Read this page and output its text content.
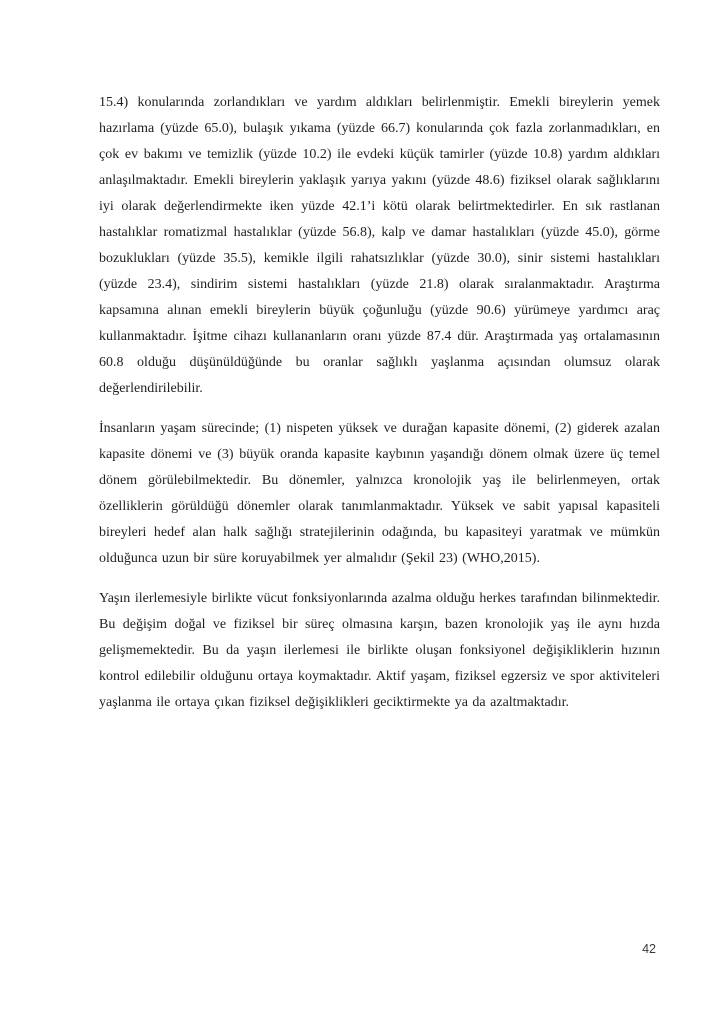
15.4) konularında zorlandıkları ve yardım aldıkları belirlenmiştir. Emekli bireylerin yemek hazırlama (yüzde 65.0), bulaşık yıkama (yüzde 66.7) konularında çok fazla zorlanmadıkları, en çok ev bakımı ve temizlik (yüzde 10.2) ile evdeki küçük tamirler (yüzde 10.8) yardım aldıkları anlaşılmaktadır. Emekli bireylerin yaklaşık yarıya yakını (yüzde 48.6) fiziksel olarak sağlıklarını iyi olarak değerlendirmekte iken yüzde 42.1’i kötü olarak belirtmektedirler. En sık rastlanan hastalıklar romatizmal hastalıklar (yüzde 56.8), kalp ve damar hastalıkları (yüzde 45.0), görme bozuklukları (yüzde 35.5), kemikle ilgili rahatsızlıklar (yüzde 30.0), sinir sistemi hastalıkları (yüzde 23.4), sindirim sistemi hastalıkları (yüzde 21.8) olarak sıralanmaktadır. Araştırma kapsamına alınan emekli bireylerin büyük çoğunluğu (yüzde 90.6) yürümeye yardımcı araç kullanmaktadır. İşitme cihazı kullananların oranı yüzde 87.4 dür. Araştırmada yaş ortalamasının 60.8 olduğu düşünüldüğünde bu oranlar sağlıklı yaşlanma açısından olumsuz olarak değerlendirilebilir.

İnsanların yaşam sürecinde; (1) nispeten yüksek ve durağan kapasite dönemi, (2) giderek azalan kapasite dönemi ve (3) büyük oranda kapasite kaybının yaşandığı dönem olmak üzere üç temel dönem görülebilmektedir. Bu dönemler, yalnızca kronolojik yaş ile belirlenmeyen, ortak özelliklerin görüldüğü dönemler olarak tanımlanmaktadır. Yüksek ve sabit yapısal kapasiteli bireyleri hedef alan halk sağlığı stratejilerinin odağında, bu kapasiteyi yaratmak ve mümkün olduğunca uzun bir süre koruyabilmek yer almalıdır (Şekil 23) (WHO,2015).

Yaşın ilerlemesiyle birlikte vücut fonksiyonlarında azalma olduğu herkes tarafından bilinmektedir. Bu değişim doğal ve fiziksel bir süreç olmasına karşın, bazen kronolojik yaş ile aynı hızda gelişmemektedir. Bu da yaşın ilerlemesi ile birlikte oluşan fonksiyonel değişikliklerin hızının kontrol edilebilir olduğunu ortaya koymaktadır. Aktif yaşam, fiziksel egzersiz ve spor aktiviteleri yaşlanma ile ortaya çıkan fiziksel değişiklikleri geciktirmekte ya da azaltmaktadır.

42
